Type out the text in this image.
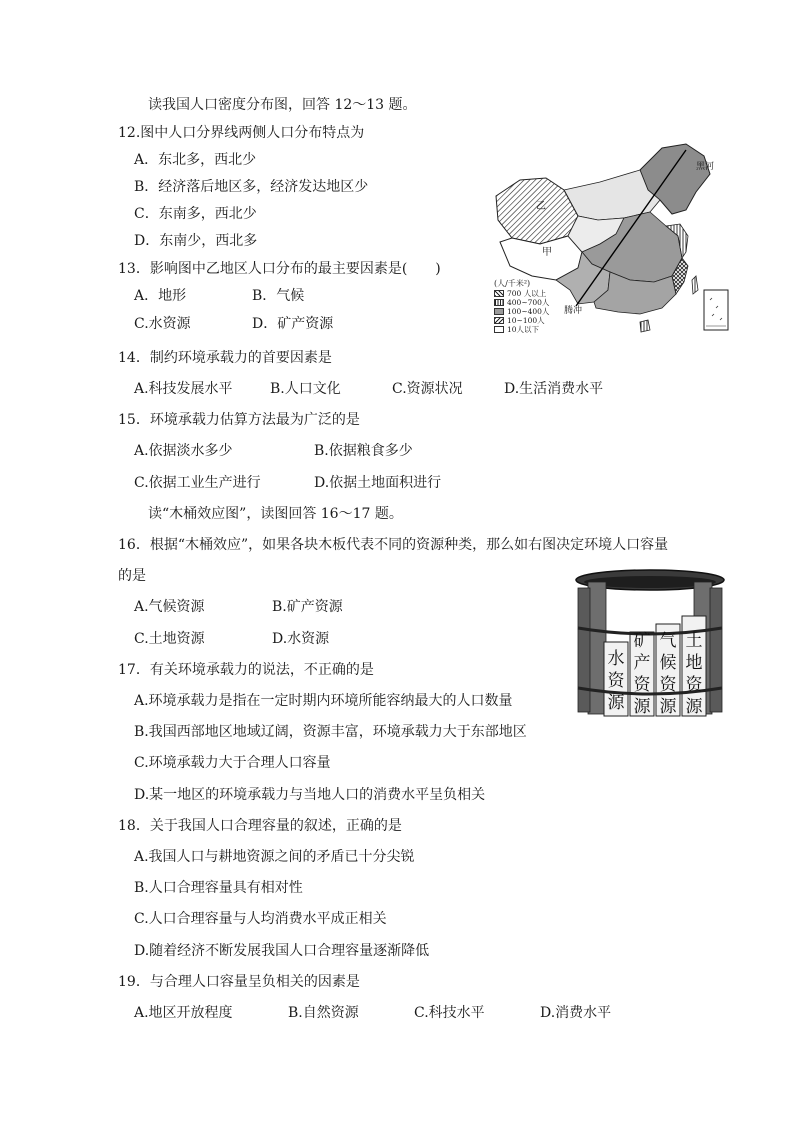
读我国人口密度分布图，回答 12～13 题。
12.图中人口分界线两侧人口分布特点为
A．东北多，西北少
B．经济落后地区多，经济发达地区少
C．东南多，西北少
D．东南少，西北多
13．影响图中乙地区人口分布的最主要因素是(　　)
A．地形	B．气候
C.水资源	D．矿产资源
黑河
乙
甲
腾冲
(人/千米²)
700 人以上
400~700人
100~400人
10~100人
10人以下
14．制约环境承载力的首要因素是
A.科技发展水平	B.人口文化	C.资源状况	D.生活消费水平
15．环境承载力估算方法最为广泛的是
A.依据淡水多少	B.依据粮食多少
C.依据工业生产进行	D.依据土地面积进行
读“木桶效应图”，读图回答 16～17 题。
16．根据“木桶效应”，如果各块木板代表不同的资源种类，那么如右图决定环境人口容量
的是
A.气候资源	B.矿产资源
C.土地资源	D.水资源
水资源
矿产资源
气候资源
土地资源
17．有关环境承载力的说法，不正确的是
A.环境承载力是指在一定时期内环境所能容纳最大的人口数量
B.我国西部地区地域辽阔，资源丰富，环境承载力大于东部地区
C.环境承载力大于合理人口容量
D.某一地区的环境承载力与当地人口的消费水平呈负相关
18．关于我国人口合理容量的叙述，正确的是
A.我国人口与耕地资源之间的矛盾已十分尖锐
B.人口合理容量具有相对性
C.人口合理容量与人均消费水平成正相关
D.随着经济不断发展我国人口合理容量逐渐降低
19．与合理人口容量呈负相关的因素是
A.地区开放程度	B.自然资源	C.科技水平	D.消费水平
